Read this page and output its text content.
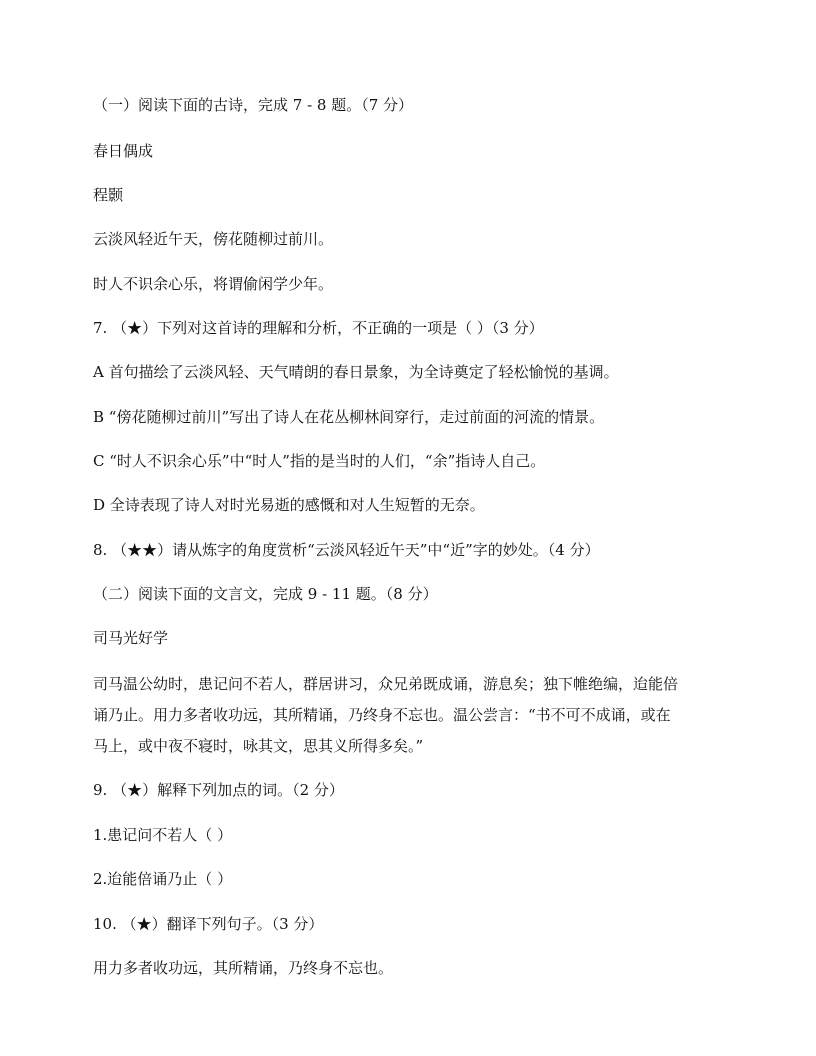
（一）阅读下面的古诗，完成 7 - 8 题。（7 分）
春日偶成
程颢
云淡风轻近午天，傍花随柳过前川。
时人不识余心乐，将谓偷闲学少年。
7. （★）下列对这首诗的理解和分析，不正确的一项是（ ）（3 分）
A 首句描绘了云淡风轻、天气晴朗的春日景象，为全诗奠定了轻松愉悦的基调。
B “傍花随柳过前川”写出了诗人在花丛柳林间穿行，走过前面的河流的情景。
C “时人不识余心乐”中“时人”指的是当时的人们，“余”指诗人自己。
D 全诗表现了诗人对时光易逝的感慨和对人生短暂的无奈。
8. （★★）请从炼字的角度赏析“云淡风轻近午天”中“近”字的妙处。（4 分）
（二）阅读下面的文言文，完成 9 - 11 题。（8 分）
司马光好学
司马温公幼时，患记问不若人，群居讲习，众兄弟既成诵，游息矣；独下帷绝编，迨能倍
诵乃止。用力多者收功远，其所精诵，乃终身不忘也。温公尝言：“书不可不成诵，或在
马上，或中夜不寝时，咏其文，思其义所得多矣。”
9. （★）解释下列加点的词。（2 分）
1.患记问不若人（ ）
2.迨能倍诵乃止（ ）
10. （★）翻译下列句子。（3 分）
用力多者收功远，其所精诵，乃终身不忘也。
